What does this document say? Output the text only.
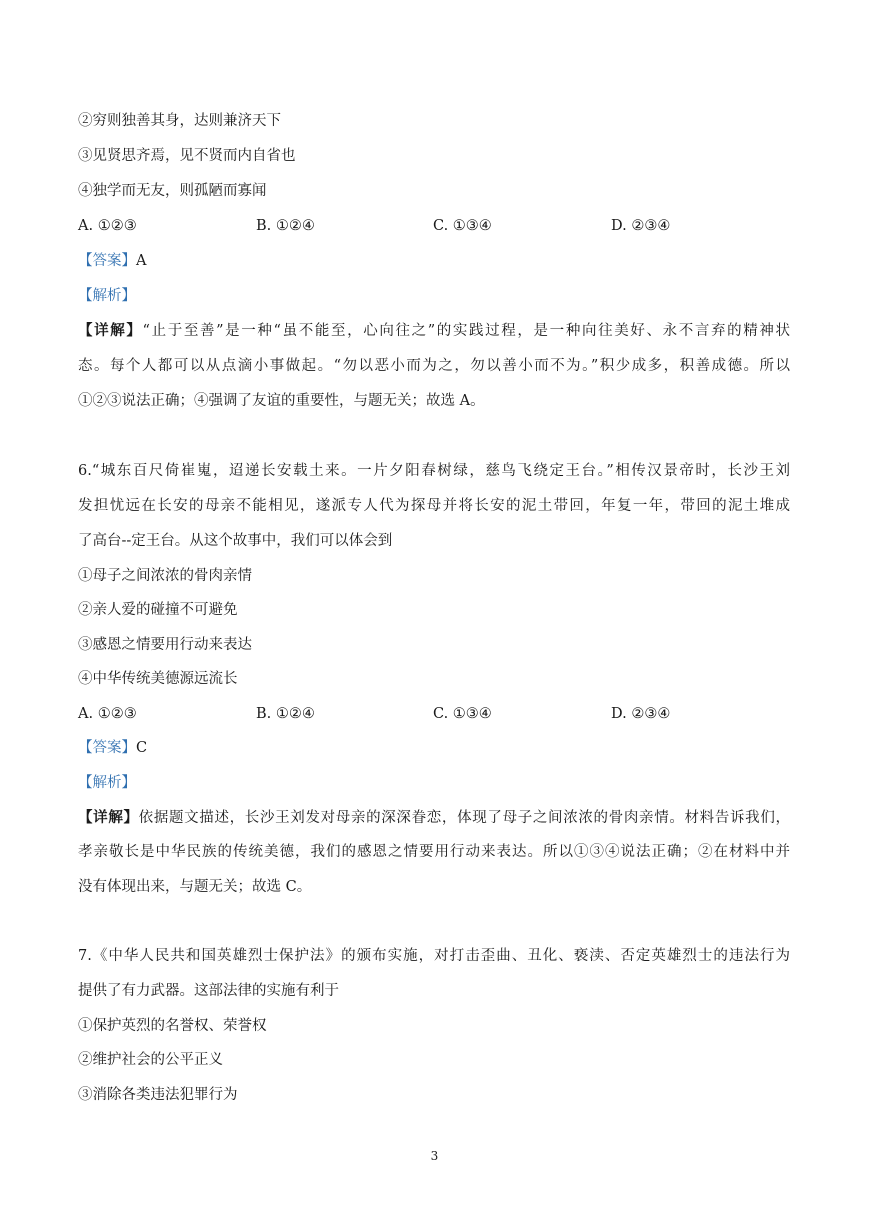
②穷则独善其身，达则兼济天下
③见贤思齐焉，见不贤而内自省也
④独学而无友，则孤陋而寡闻
A. ①②③	B. ①②④	C. ①③④	D. ②③④
【答案】A
【解析】
【详解】“止于至善”是一种“虽不能至，心向往之”的实践过程，是一种向往美好、永不言弃的精神状
态。每个人都可以从点滴小事做起。“勿以恶小而为之，勿以善小而不为。”积少成多，积善成德。所以
①②③说法正确；④强调了友谊的重要性，与题无关；故选 A。
6.“城东百尺倚崔嵬，迢递长安载土来。一片夕阳春树绿，慈鸟飞绕定王台。”相传汉景帝时，长沙王刘
发担忧远在长安的母亲不能相见，遂派专人代为探母并将长安的泥土带回，年复一年，带回的泥土堆成
了高台--定王台。从这个故事中，我们可以体会到
①母子之间浓浓的骨肉亲情
②亲人爱的碰撞不可避免
③感恩之情要用行动来表达
④中华传统美德源远流长
A. ①②③	B. ①②④	C. ①③④	D. ②③④
【答案】C
【解析】
【详解】依据题文描述，长沙王刘发对母亲的深深眷恋，体现了母子之间浓浓的骨肉亲情。材料告诉我们，
孝亲敬长是中华民族的传统美德，我们的感恩之情要用行动来表达。所以①③④说法正确；②在材料中并
没有体现出来，与题无关；故选 C。
7.《中华人民共和国英雄烈士保护法》的颁布实施，对打击歪曲、丑化、亵渎、否定英雄烈士的违法行为
提供了有力武器。这部法律的实施有利于
①保护英烈的名誉权、荣誉权
②维护社会的公平正义
③消除各类违法犯罪行为
3
